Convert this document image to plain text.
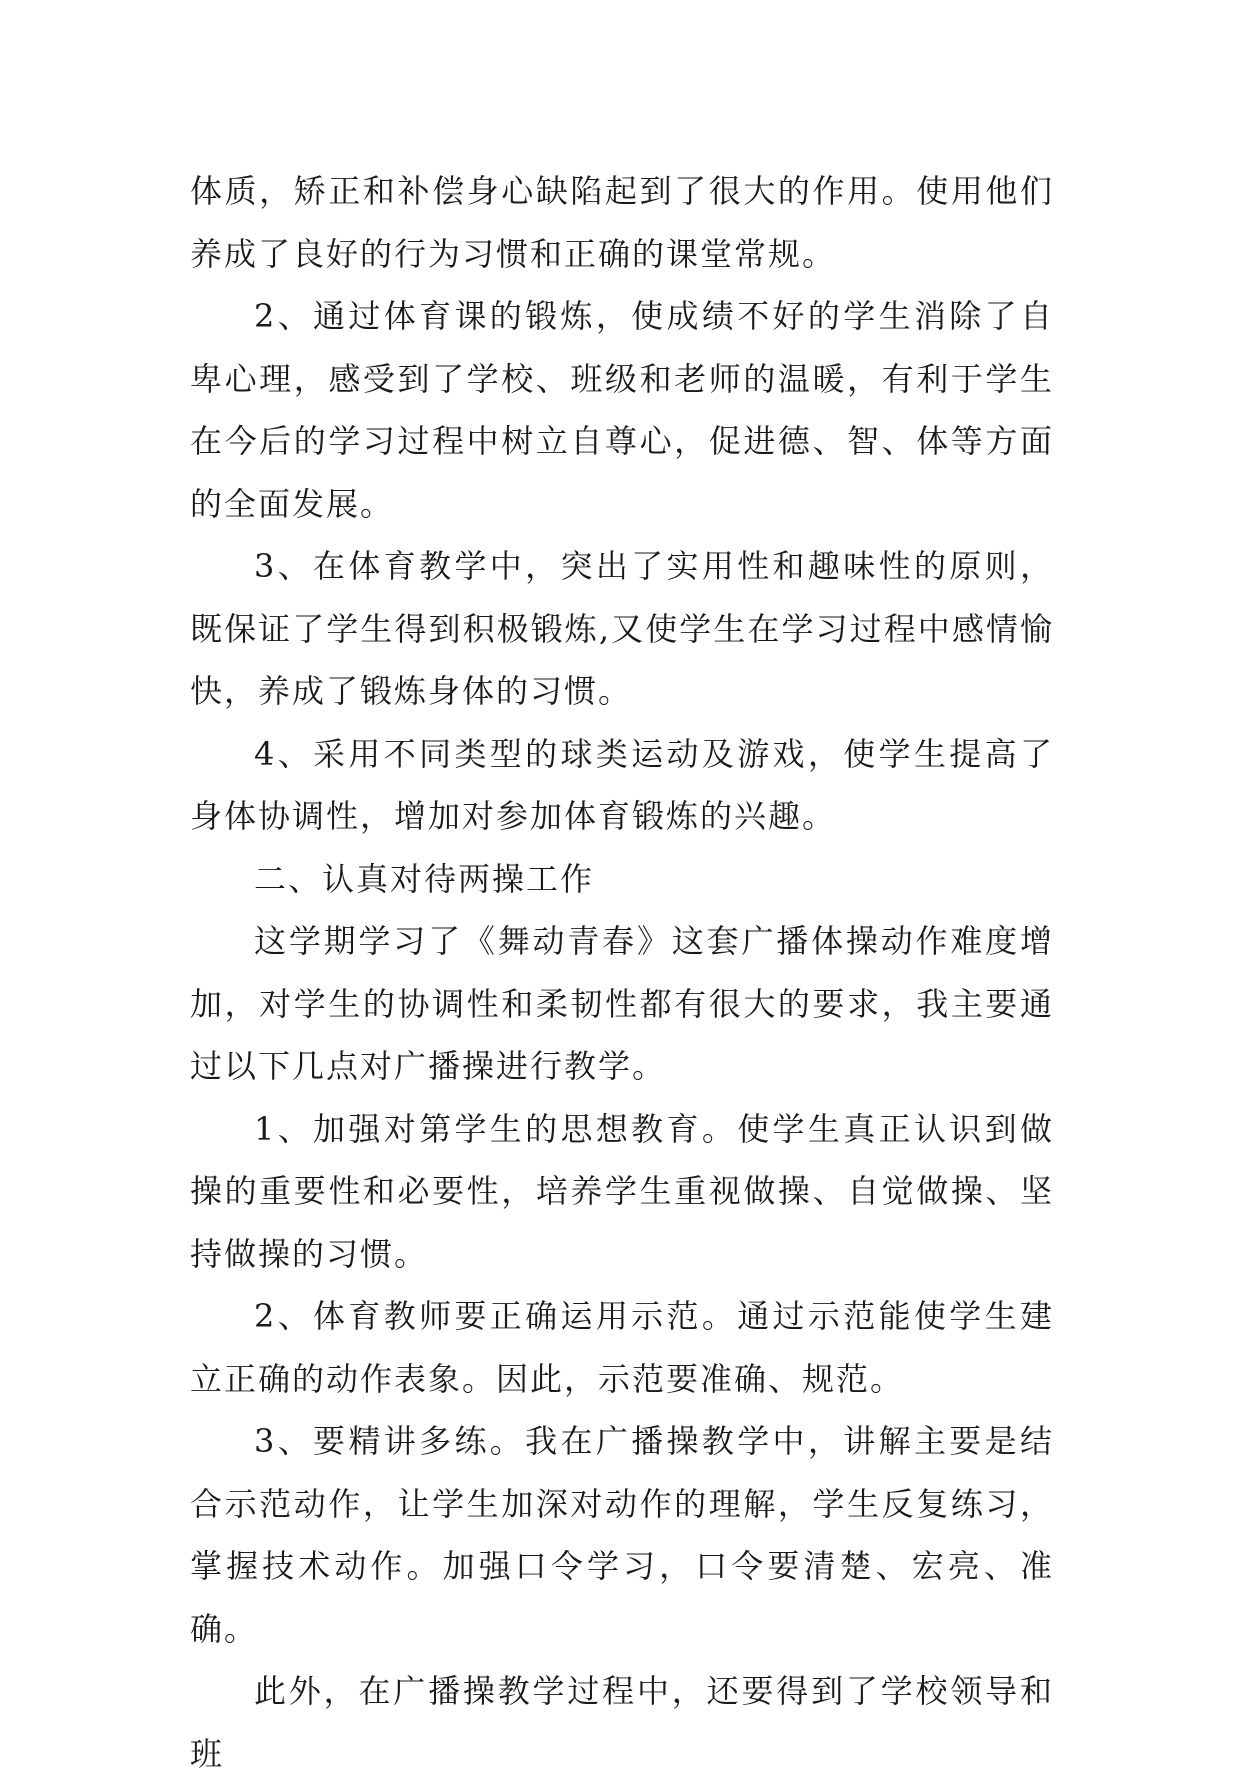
体质，矫正和补偿身心缺陷起到了很大的作用。使用他们养成了良好的行为习惯和正确的课堂常规。

2、通过体育课的锻炼，使成绩不好的学生消除了自卑心理，感受到了学校、班级和老师的温暖，有利于学生在今后的学习过程中树立自尊心，促进德、智、体等方面的全面发展。

3、在体育教学中，突出了实用性和趣味性的原则，既保证了学生得到积极锻炼,又使学生在学习过程中感情愉快，养成了锻炼身体的习惯。

4、采用不同类型的球类运动及游戏，使学生提高了身体协调性，增加对参加体育锻炼的兴趣。

二、认真对待两操工作

这学期学习了《舞动青春》这套广播体操动作难度增加，对学生的协调性和柔韧性都有很大的要求，我主要通过以下几点对广播操进行教学。

1、加强对第学生的思想教育。使学生真正认识到做操的重要性和必要性，培养学生重视做操、自觉做操、坚持做操的习惯。

2、体育教师要正确运用示范。通过示范能使学生建立正确的动作表象。因此，示范要准确、规范。

3、要精讲多练。我在广播操教学中，讲解主要是结合示范动作，让学生加深对动作的理解，学生反复练习，掌握技术动作。加强口令学习，口令要清楚、宏亮、准确。

此外，在广播操教学过程中，还要得到了学校领导和班
